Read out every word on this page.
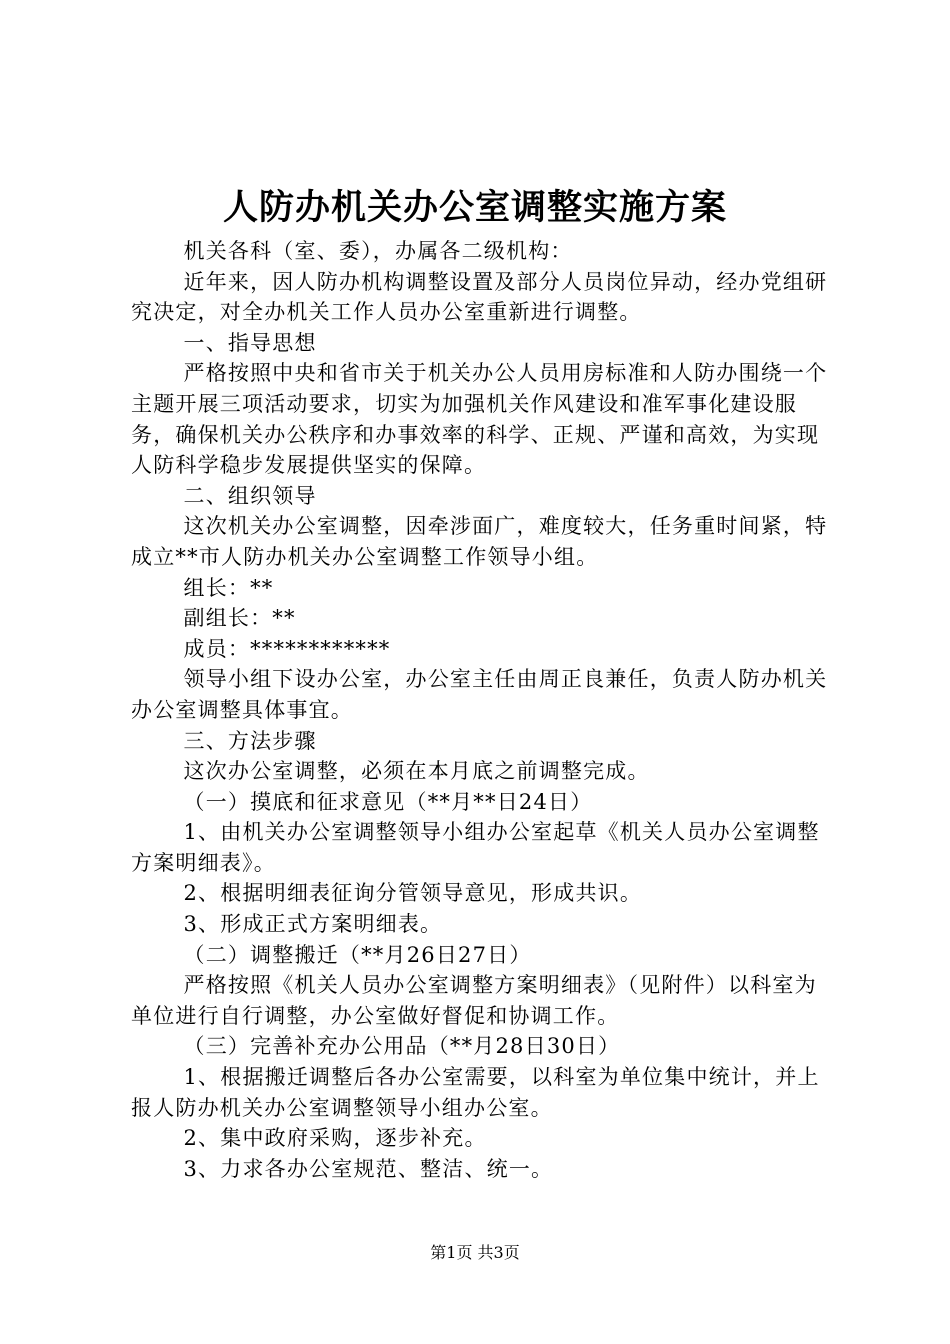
人防办机关办公室调整实施方案

机关各科（室、委），办属各二级机构：

近年来，因人防办机构调整设置及部分人员岗位异动，经办党组研究决定，对全办机关工作人员办公室重新进行调整。

一、指导思想

严格按照中央和省市关于机关办公人员用房标准和人防办围绕一个主题开展三项活动要求，切实为加强机关作风建设和准军事化建设服务，确保机关办公秩序和办事效率的科学、正规、严谨和高效，为实现人防科学稳步发展提供坚实的保障。

二、组织领导

这次机关办公室调整，因牵涉面广，难度较大，任务重时间紧，特成立**市人防办机关办公室调整工作领导小组。

组长：**

副组长：**

成员：************

领导小组下设办公室，办公室主任由周正良兼任，负责人防办机关办公室调整具体事宜。

三、方法步骤

这次办公室调整，必须在本月底之前调整完成。

（一）摸底和征求意见（**月**日24日）

1、由机关办公室调整领导小组办公室起草《机关人员办公室调整方案明细表》。

2、根据明细表征询分管领导意见，形成共识。

3、形成正式方案明细表。

（二）调整搬迁（**月26日27日）

严格按照《机关人员办公室调整方案明细表》（见附件）以科室为单位进行自行调整，办公室做好督促和协调工作。

（三）完善补充办公用品（**月28日30日）

1、根据搬迁调整后各办公室需要，以科室为单位集中统计，并上报人防办机关办公室调整领导小组办公室。

2、集中政府采购，逐步补充。

3、力求各办公室规范、整洁、统一。

第1页 共3页
